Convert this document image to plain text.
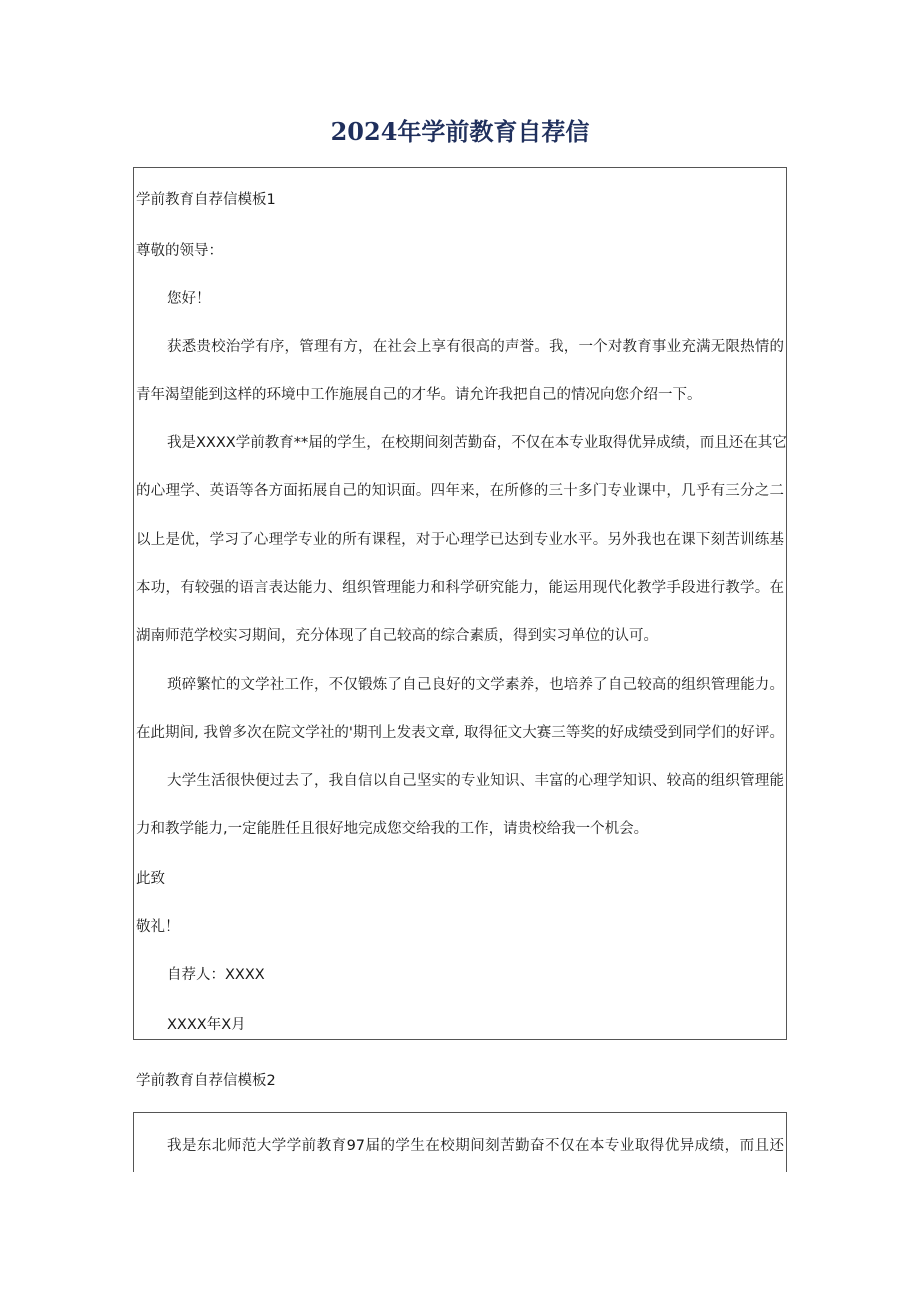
2024年学前教育自荐信
学前教育自荐信模板1
尊敬的领导：
您好！
获悉贵校治学有序，管理有方，在社会上享有很高的声誉。我，一个对教育事业充满无限热情的
青年渴望能到这样的环境中工作施展自己的才华。请允许我把自己的情况向您介绍一下。
我是XXXX学前教育**届的学生，在校期间刻苦勤奋，不仅在本专业取得优异成绩，而且还在其它
的心理学、英语等各方面拓展自己的知识面。四年来，在所修的三十多门专业课中，几乎有三分之二
以上是优，学习了心理学专业的所有课程，对于心理学已达到专业水平。另外我也在课下刻苦训练基
本功，有较强的语言表达能力、组织管理能力和科学研究能力，能运用现代化教学手段进行教学。在
湖南师范学校实习期间，充分体现了自己较高的综合素质，得到实习单位的认可。
琐碎繁忙的文学社工作，不仅锻炼了自己良好的文学素养，也培养了自己较高的组织管理能力。
在此期间, 我曾多次在院文学社的'期刊上发表文章, 取得征文大赛三等奖的好成绩受到同学们的好评。
大学生活很快便过去了，我自信以自己坚实的专业知识、丰富的心理学知识、较高的组织管理能
力和教学能力,一定能胜任且很好地完成您交给我的工作，请贵校给我一个机会。
此致
敬礼！
自荐人：XXXX
XXXX年X月
学前教育自荐信模板2
我是东北师范大学学前教育97届的学生在校期间刻苦勤奋不仅在本专业取得优异成绩，而且还
